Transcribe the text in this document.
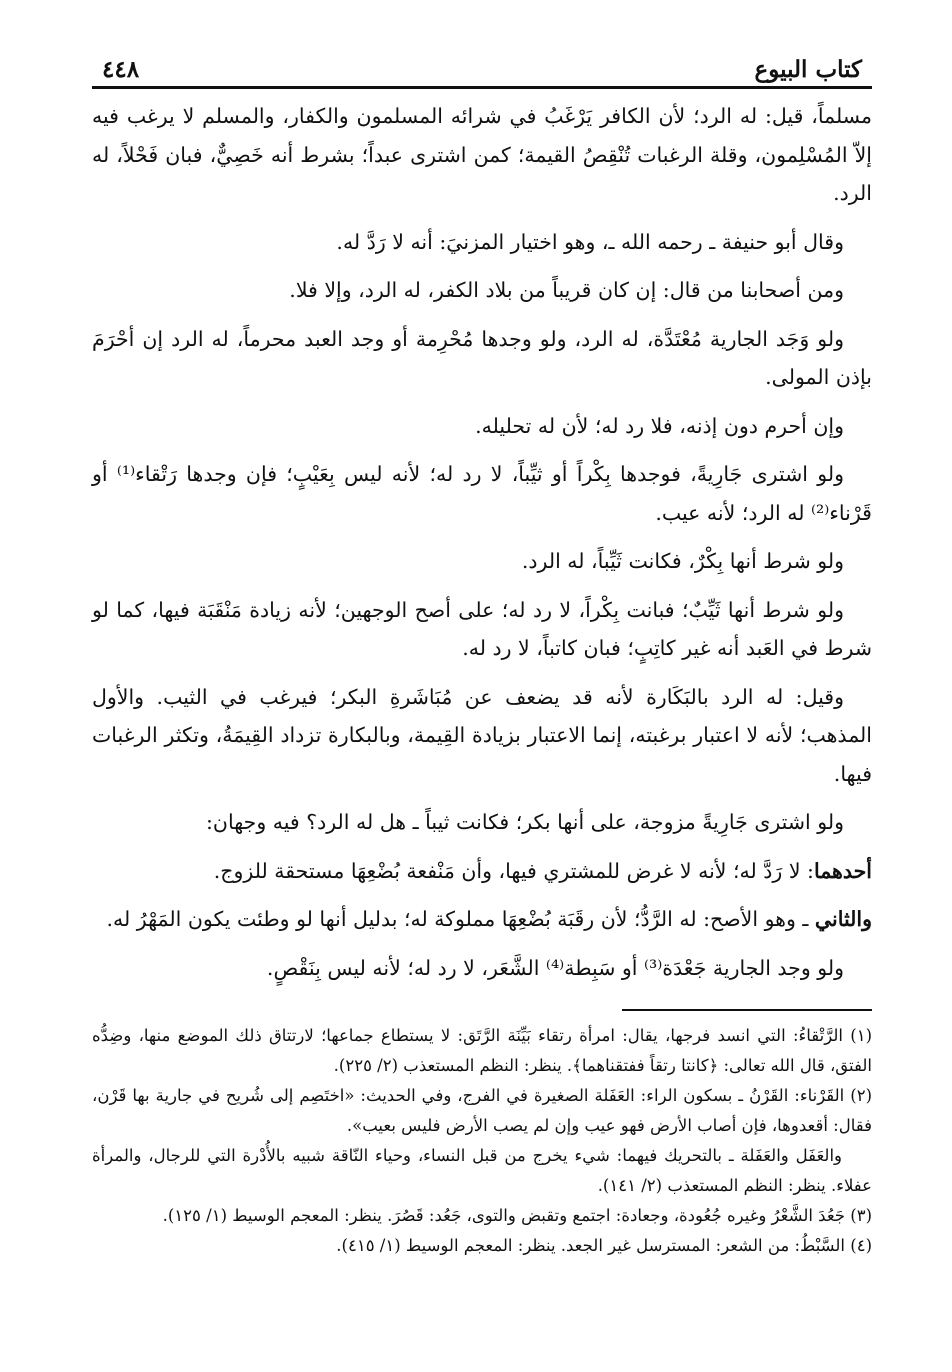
كتاب البيوع
٤٤٨

مسلماً، قيل: له الرد؛ لأن الكافر يَرْغَبُ في شرائه المسلمون والكفار، والمسلم لا يرغب فيه إلاّ المُسْلِمون، وقلة الرغبات تُنْقِصُ القيمة؛ كمن اشترى عبداً؛ بشرط أنه خَصِيٌّ، فبان فَحْلاً، له الرد.

وقال أبو حنيفة ـ رحمه الله ـ، وهو اختيار المزنيَ: أنه لا رَدَّ له.

ومن أصحابنا من قال: إن كان قريباً من بلاد الكفر، له الرد، وإلا فلا.

ولو وَجَد الجارية مُعْتَدَّة، له الرد، ولو وجدها مُحْرِمة أو وجد العبد محرماً، له الرد إن أحْرَمَ بإذن المولى.

وإن أحرم دون إذنه، فلا رد له؛ لأن له تحليله.

ولو اشترى جَارِيةً، فوجدها بِكْراً أو ثيِّباً، لا رد له؛ لأنه ليس بِعَيْبٍ؛ فإن وجدها رَتْقاء⁽¹⁾ أو قَرْناء⁽²⁾ له الرد؛ لأنه عيب.

ولو شرط أنها بِكْرٌ، فكانت ثَيِّباً، له الرد.

ولو شرط أنها ثَيِّبٌ؛ فبانت بِكْراً، لا رد له؛ على أصح الوجهين؛ لأنه زيادة مَنْقَبَة فيها، كما لو شرط في العَبد أنه غير كاتِبٍ؛ فبان كاتباً، لا رد له.

وقيل: له الرد بالبَكَارة لأنه قد يضعف عن مُبَاشَرةِ البكر؛ فيرغب في الثيب. والأول المذهب؛ لأنه لا اعتبار برغبته، إنما الاعتبار بزيادة القِيمة، وبالبكارة تزداد القِيمَةُ، وتكثر الرغبات فيها.

ولو اشترى جَارِيةً مزوجة، على أنها بكر؛ فكانت ثيباً ـ هل له الرد؟ فيه وجهان:

أحدهما: لا رَدَّ له؛ لأنه لا غرض للمشتري فيها، وأن مَنْفعة بُضْعِهَا مستحقة للزوج.

والثاني ـ وهو الأصح: له الرَّدُّ؛ لأن رقَبَة بُضْعِهَا مملوكة له؛ بدليل أنها لو وطئت يكون المَهْرُ له.

ولو وجد الجارية جَعْدَة⁽³⁾ أو سَبِطة⁽⁴⁾ الشَّعَر، لا رد له؛ لأنه ليس بِنَقْصٍ.

(١) الرَّتْقاءُ: التي انسد فرجها، يقال: امرأة رتقاء بَيِّنَة الرَّتَق: لا يستطاع جماعها؛ لارتتاق ذلك الموضع منها، وضِدُّه الفتق، قال الله تعالى: ﴿كانتا رتقاً ففتقناهما﴾. ينظر: النظم المستعذب (٢/ ٢٢٥).

(٢) القَرْناء: القَرْنُ ـ بسكون الراء: العَفَلة الصغيرة في الفرج، وفي الحديث: «اختَصِم إلى شُريح في جارية بها قَرْن، فقال: أقعدوها، فإن أصاب الأرض فهو عيب وإن لم يصب الأرض فليس بعيب».

والعَفَل والعَفَلة ـ بالتحريك فيهما: شيء يخرج من قبل النساء، وحياء النّاقة شبيه بالأُدْرة التي للرجال، والمرأة عفلاء. ينظر: النظم المستعذب (٢/ ١٤١).

(٣) جَعُدَ الشَّعْرُ وغيره جُعُودة، وجعادة: اجتمع وتقبض والتوى، جَعُد: قَصُرَ. ينظر: المعجم الوسيط (١/ ١٢٥).

(٤) السَّبْطُ: من الشعر: المسترسل غير الجعد. ينظر: المعجم الوسيط (١/ ٤١٥).
